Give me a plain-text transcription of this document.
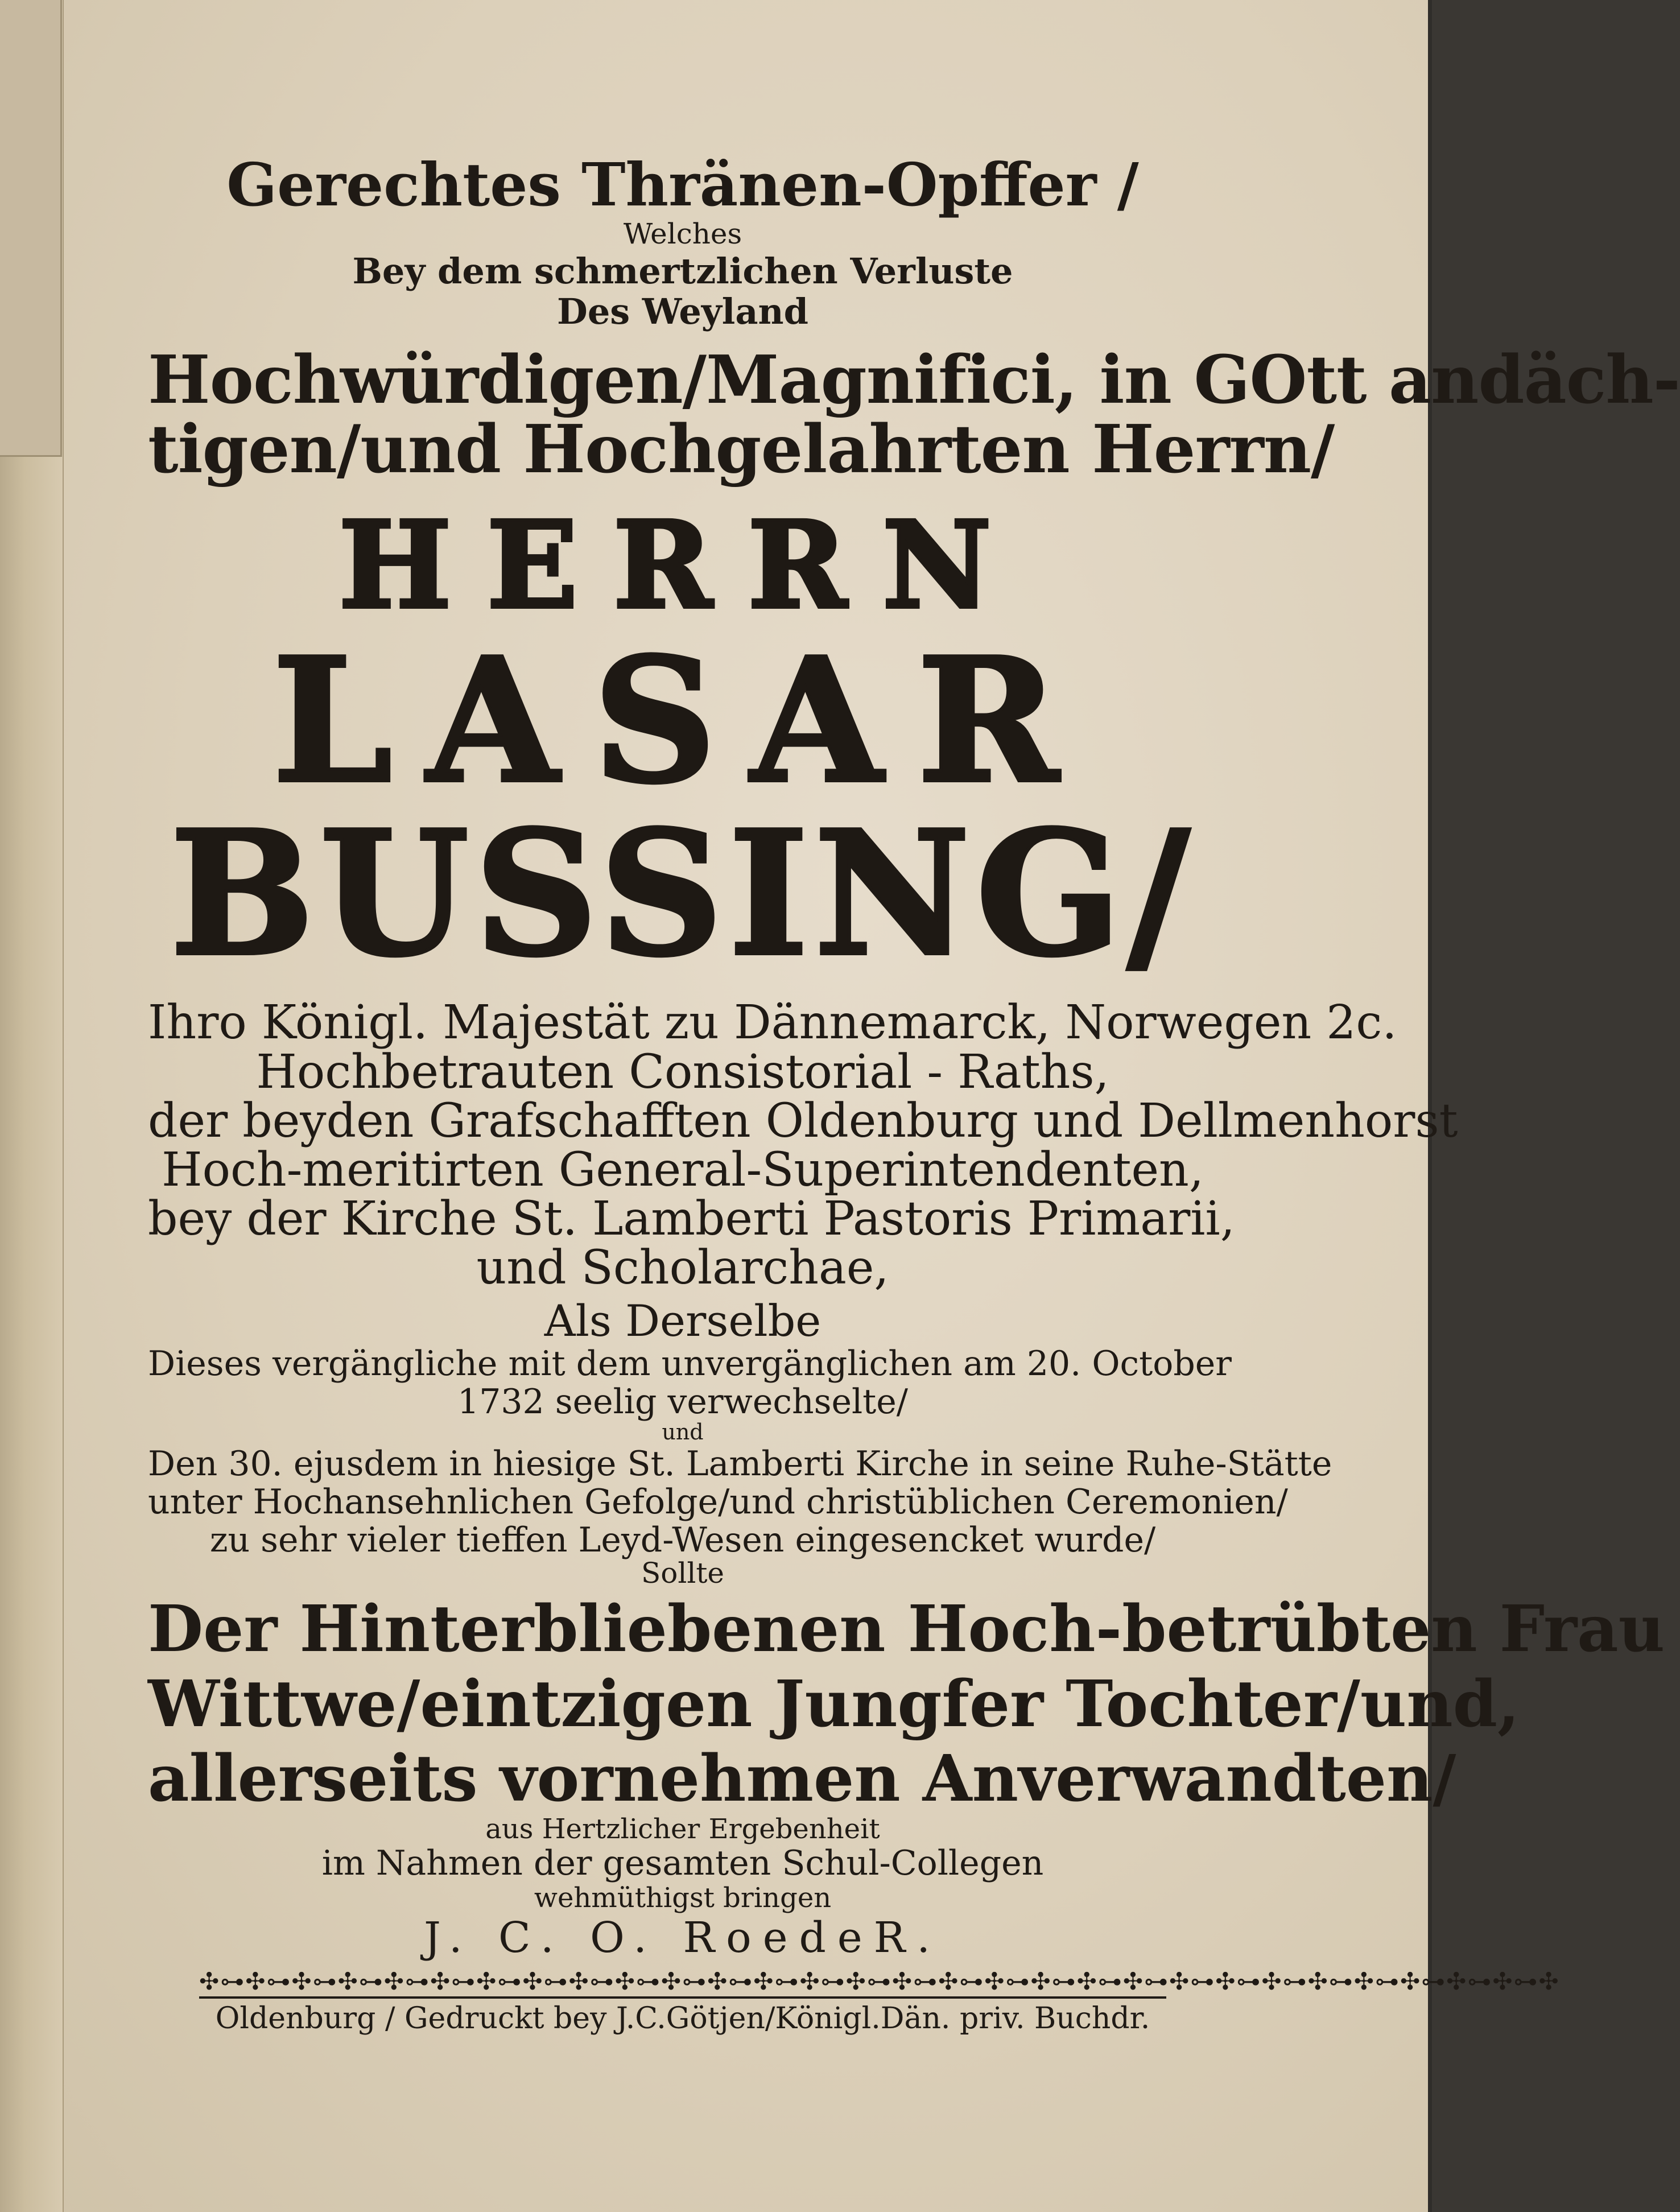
Gerechtes Thränen-Opffer /
Welches
Bey dem schmertzlichen Verluste
Des Weyland
Hochwürdigen/Magnifici, in GOtt andäch-
tigen/und Hochgelahrten Herrn/
HERRN
LASAR
BUSSING/
Ihro Königl. Majestät zu Dännemarck, Norwegen 2c.
Hochbetrauten Consistorial - Raths,
der beyden Grafschafften Oldenburg und Dellmenhorst
Hoch-meritirten General-Superintendenten,
bey der Kirche St. Lamberti Pastoris Primarii,
und Scholarchae,
Als Derselbe
Dieses vergängliche mit dem unvergänglichen am 20. October
1732 seelig verwechselte/
und
Den 30. ejusdem in hiesige St. Lamberti Kirche in seine Ruhe-Stätte
unter Hochansehnlichen Gefolge/und christüblichen Ceremonien/
zu sehr vieler tieffen Leyd-Wesen eingesencket wurde/
Sollte
Der Hinterbliebenen Hoch-betrübten Frau
Wittwe/eintzigen Jungfer Tochter/und,
allerseits vornehmen Anverwandten/
aus Hertzlicher Ergebenheit
im Nahmen der gesamten Schul-Collegen
wehmüthigst bringen
J. C. O. RoedeR.
✣⊶✣⊶✣⊶✣⊶✣⊶✣⊶✣⊶✣⊶✣⊶✣⊶✣⊶✣⊶✣⊶✣⊶✣⊶✣⊶✣⊶✣⊶✣⊶✣⊶✣⊶✣⊶✣⊶✣⊶✣⊶✣⊶✣⊶✣⊶✣⊶✣
Oldenburg / Gedruckt bey J.C.Götjen/Königl.Dän. priv. Buchdr.
